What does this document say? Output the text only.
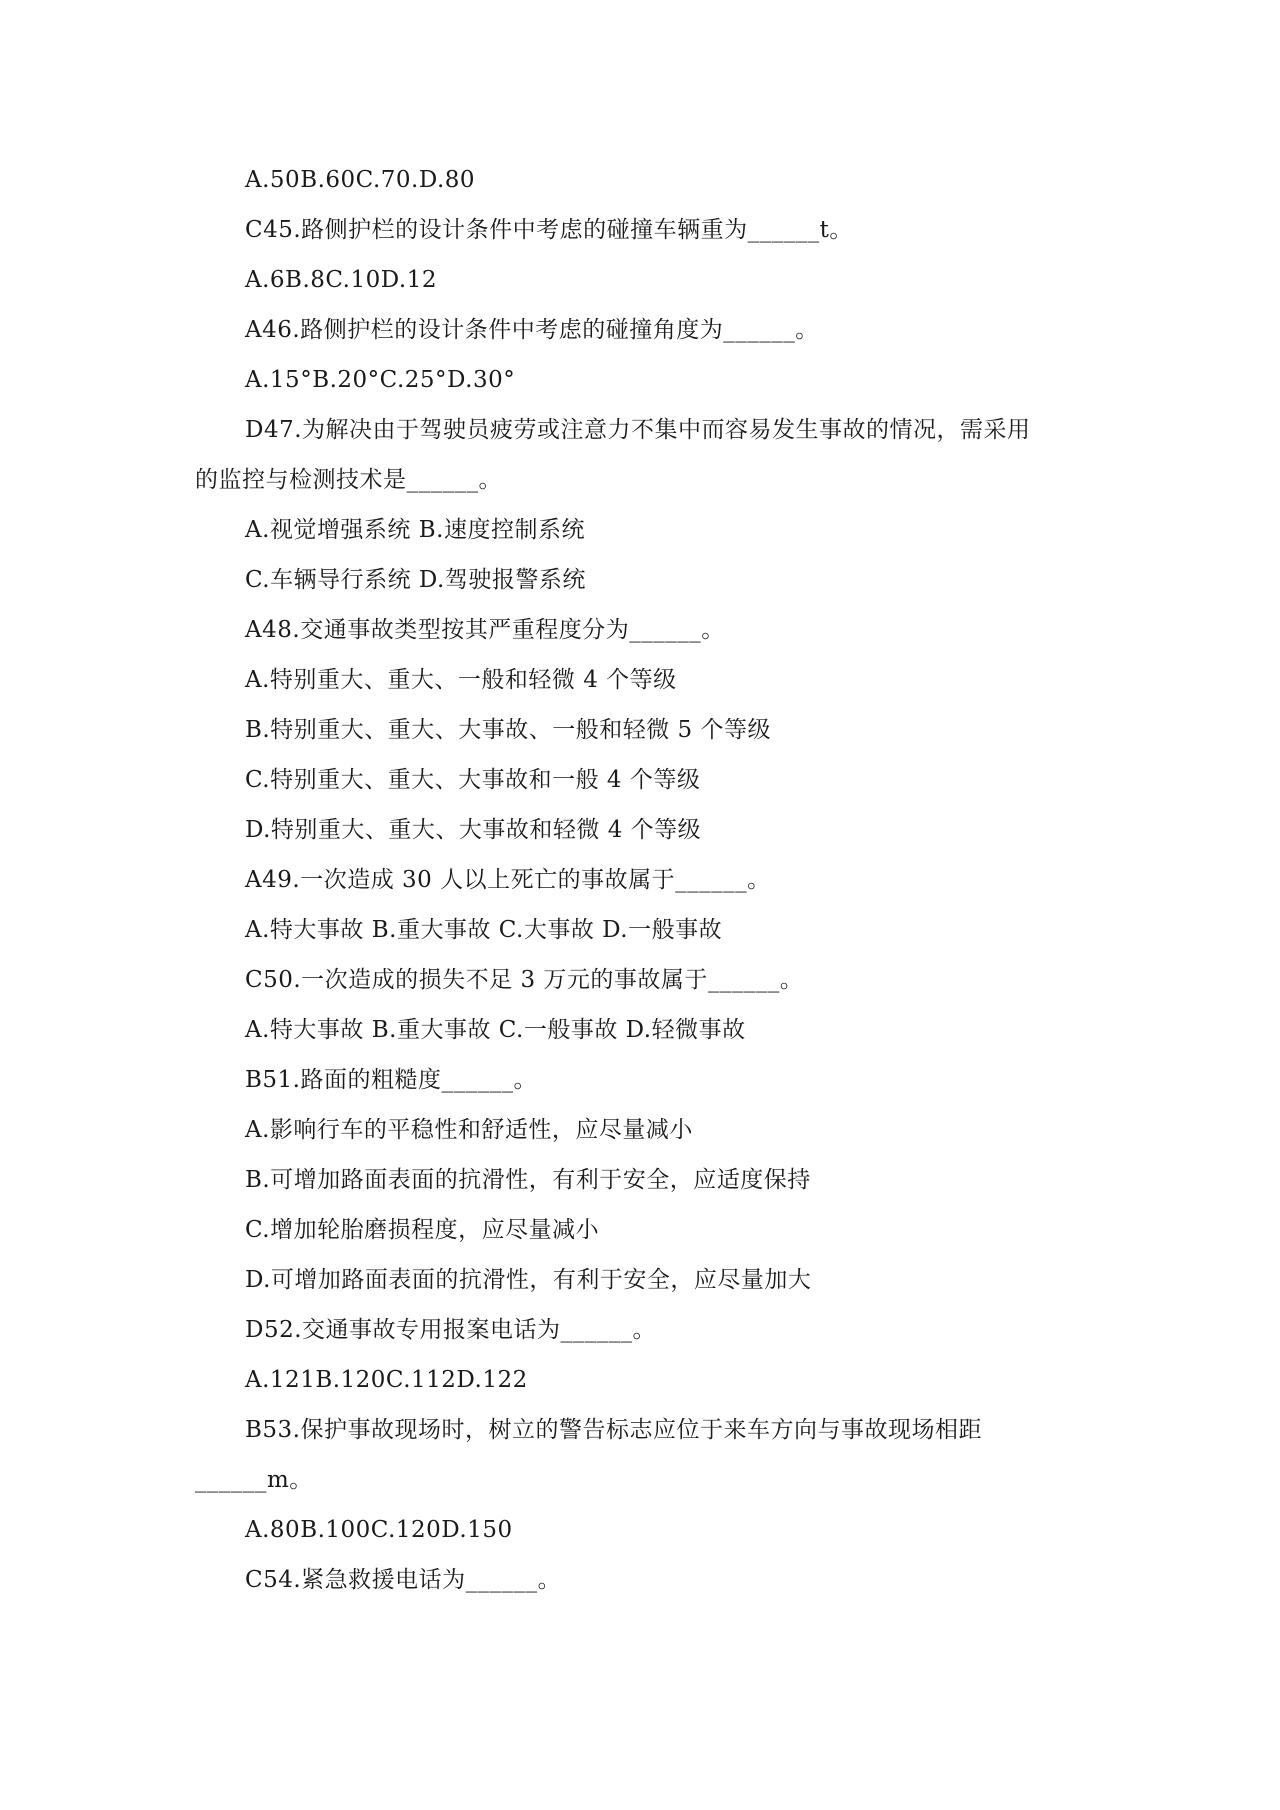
A.50B.60C.70.D.80
C45.路侧护栏的设计条件中考虑的碰撞车辆重为______t。
A.6B.8C.10D.12
A46.路侧护栏的设计条件中考虑的碰撞角度为______。
A.15°B.20°C.25°D.30°
D47.为解决由于驾驶员疲劳或注意力不集中而容易发生事故的情况，需采用
的监控与检测技术是______。
A.视觉增强系统 B.速度控制系统
C.车辆导行系统 D.驾驶报警系统
A48.交通事故类型按其严重程度分为______。
A.特别重大、重大、一般和轻微 4 个等级
B.特别重大、重大、大事故、一般和轻微 5 个等级
C.特别重大、重大、大事故和一般 4 个等级
D.特别重大、重大、大事故和轻微 4 个等级
A49.一次造成 30 人以上死亡的事故属于______。
A.特大事故 B.重大事故 C.大事故 D.一般事故
C50.一次造成的损失不足 3 万元的事故属于______。
A.特大事故 B.重大事故 C.一般事故 D.轻微事故
B51.路面的粗糙度______。
A.影响行车的平稳性和舒适性，应尽量减小
B.可增加路面表面的抗滑性，有利于安全，应适度保持
C.增加轮胎磨损程度，应尽量减小
D.可增加路面表面的抗滑性，有利于安全，应尽量加大
D52.交通事故专用报案电话为______。
A.121B.120C.112D.122
B53.保护事故现场时，树立的警告标志应位于来车方向与事故现场相距
______m。
A.80B.100C.120D.150
C54.紧急救援电话为______。
